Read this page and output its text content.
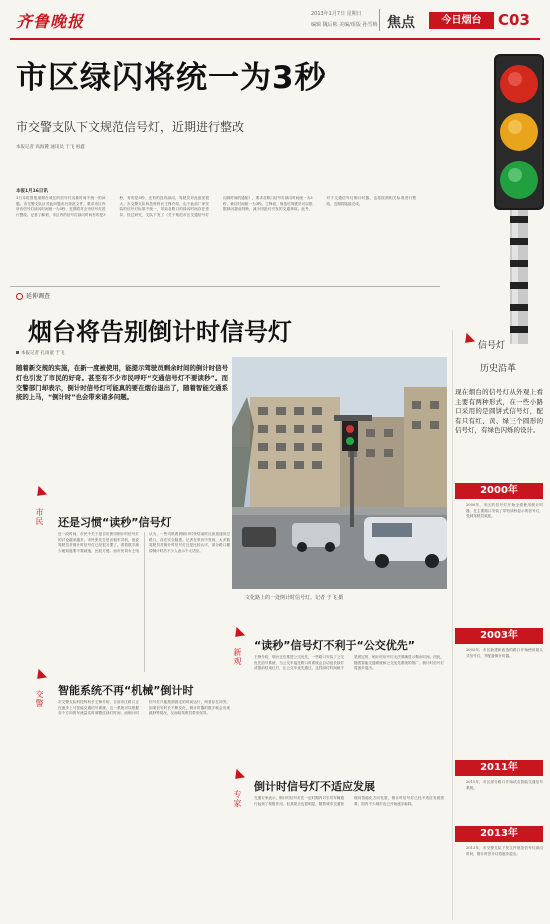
齐鲁晚报	2013年1月7日 星期日
编辑 魏后彬 美编/组版 孙雪梅 焦点	今日烟台	C03
市区绿闪将统一为3秒
市交警支队下文规范信号灯，近期进行整改
本报记者 高海麓 通讯员 于飞 祖鑫
本报1月16日讯
3日本报曾报道烟台城区的信号灯闪烁时间不统一的问题。市交警支队针对此问题出台规范文件，要求市区内所有信号灯绿闪时间统一为3秒，近期将对全市信号灯进行整改。记者了解到，市区内的信号灯绿闪时间有的是3秒，有的是5秒，还有的没有绿闪，驾驶员对此意见很大。市交警支队科技科科长王锋介绍，由于此前厂家安装的信号灯标准不统一，导致各路口的绿闪时间存在差异。经过研究，支队下发了《关于规范市区交通信号灯闪烁时间的通知》，要求各路口信号灯绿闪时间统一为3秒，黄灯时间统一为3秒。王锋说，规范后驾驶员可以根据绿闪提前判断，减少因抢灯引发的交通事故。此外，对于交通信号灯倒计时器，也将按照相关标准进行整改，近期将陆续完成。
延伸调查
烟台将告别倒计时信号灯
本报记者 孔雨童 于飞
随着新交规的实施，在新一度被使用，能提示驾驶员剩余时间的倒计时信号灯也引发了市民的好奇。甚至有不少市民呼吁“交通信号灯不要读秒”。而交警部门却表示，倒计时信号灯可能真的要在烟台退出了，随着智能交通系统的上马，“倒计时”也会带来诸多问题。
文化路上的一处倒计时信号灯。记者 于飞 摄
市民 还是习惯“读秒”信号灯
近一段时间，市民中关于是否应使用倒计时信号灯的讨论越来越多。市民张先生是出租车司机，他说驾驶员对倒计时信号灯已经很习惯了，看着数字减少就知道要不要减速，比较方便。而市民刘女士则认为，一些司机看到倒计时快结束时反而加速冲过路口，存在安全隐患。记者在采访中发现，大多数驾驶员对倒计时信号灯还是比较认可，部分路口撤掉倒计时后不少人表示不太适应。
交警 智能系统不再“机械”倒计时
市交警支队科技科科长王锋介绍，目前市区路口正在逐步上马智能交通信号系统，这一系统可以根据各个方向的车流量实时调整红绿灯时间，而倒计时信号灯只能按照固定的时间运行，两者存在冲突。如果信号时长不断变化，倒计时器的数字就会出现跳秒等情况，反而给驾驶员带来误导。
新观
“读秒”信号灯不利于“公交优先”
王锋介绍，烟台正在推进公交优先，一些路口安装了公交优先信号系统，当公交车接近路口时系统会自动延长绿灯或提前结束红灯，让公交车优先通过，这样绿灯时间就不是固定的，倒计时信号灯无法准确显示剩余时间。因此，随着智能交通系统和公交优先系统的推广，倒计时信号灯将逐步退出。
专家
倒计时信号灯不适应发展
交通专家表示，倒计时信号灯在一定时期内对引导车辆通行起到了积极作用，但其缺点也很明显，随着城市交通管理向智能化方向发展，倒计时信号灯已经不适应发展需要，国内不少城市也已开始逐步拆除。
信号灯
历史沿革
现在烟台的信号灯从外观上看主要有两种形式，在一些小路口采用的是圆饼式信号灯，配有只有红、黄、绿三个圆形的信号灯，有绿色闪烁的设计。
2000年
2000年，市区的信号灯开始全面使用倒计时器，在主要路口安装了带有读秒显示的信号灯，受到驾驶员欢迎。
2003年
2003年，市区新建和改造的路口开始使用箭头式信号灯，并配备倒计时器。
2011年
2011年，市区部分路口开始试点智能交通信号系统。
2013年
2013年，市交警支队下发文件规范信号灯绿闪时间，倒计时信号灯将逐步退出。
